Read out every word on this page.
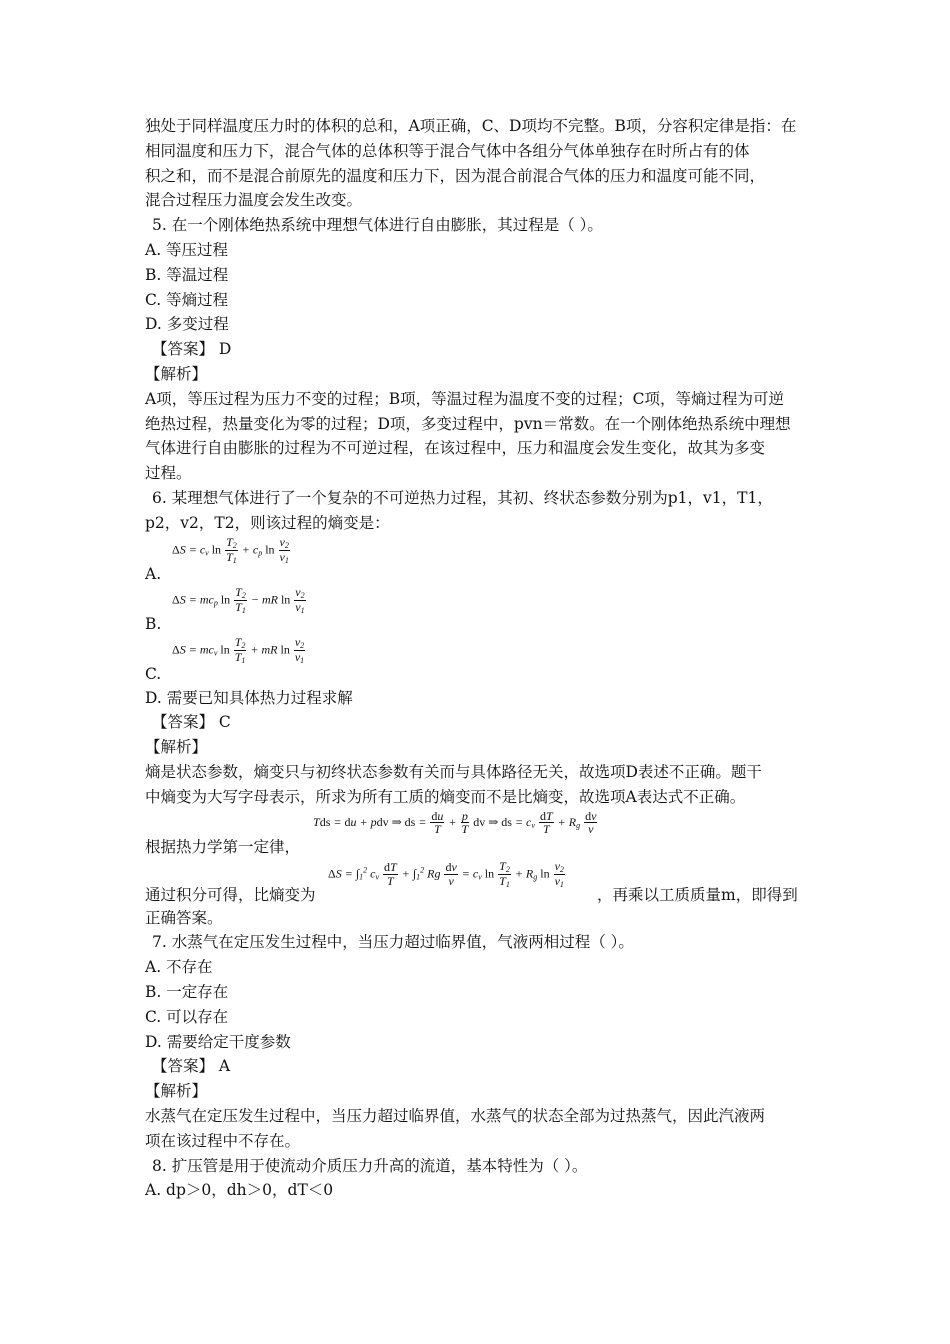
独处于同样温度压力时的体积的总和，A项正确，C、D项均不完整。B项，分容积定律是指：在
相同温度和压力下，混合气体的总体积等于混合气体中各组分气体单独存在时所占有的体
积之和，而不是混合前原先的温度和压力下，因为混合前混合气体的压力和温度可能不同，
混合过程压力温度会发生改变。
5. 在一个刚体绝热系统中理想气体进行自由膨胀，其过程是（ ）。
A. 等压过程
B. 等温过程
C. 等熵过程
D. 多变过程
【答案】 D
【解析】
A项，等压过程为压力不变的过程；B项，等温过程为温度不变的过程；C项，等熵过程为可逆
绝热过程，热量变化为零的过程；D项，多变过程中，pvn＝常数。在一个刚体绝热系统中理想
气体进行自由膨胀的过程为不可逆过程，在该过程中，压力和温度会发生变化，故其为多变
过程。
6. 某理想气体进行了一个复杂的不可逆热力过程，其初、终状态参数分别为p1，v1，T1，
p2，v2，T2，则该过程的熵变是：
A.
$\Delta S = c_v$ $\ln \frac{T_2}{T_1} + c_p$ $\ln \frac{v_2}{v_1}$
B.
$\Delta S = mc_p$ $\ln \frac{T_2}{T_1}$ − mR $\ln \frac{v_2}{v_1}$
C.
$\Delta S = mc_v$ $\ln \frac{T_2}{T_1}$ + mR $\ln \frac{v_2}{v_1}$
D. 需要已知具体热力过程求解
【答案】 C
【解析】
熵是状态参数，熵变只与初终状态参数有关而与具体路径无关，故选项D表述不正确。题干
中熵变为大写字母表示，所求为所有工质的熵变而不是比熵变，故选项A表达式不正确。
根据热力学第一定律，
Tds = du + pdv ⇒ ds = $\frac{du}{T} + \frac{p}{T}$ dv ⇒ ds = $c_v \frac{dT}{T} + R_g \frac{dv}{v}$
通过积分可得，比熵变为
$\Delta S = \int_1^2$ $c_v \frac{dT}{T} + \int_1^2$ Rg $\frac{dv}{v} = c_v$ $\ln \frac{T_2}{T_1} + R_g$ $\ln \frac{v_2}{v_1}$
，再乘以工质质量m，即得到
正确答案。
7. 水蒸气在定压发生过程中，当压力超过临界值，气液两相过程（ ）。
A. 不存在
B. 一定存在
C. 可以存在
D. 需要给定干度参数
【答案】 A
【解析】
水蒸气在定压发生过程中，当压力超过临界值，水蒸气的状态全部为过热蒸气，因此汽液两
项在该过程中不存在。
8. 扩压管是用于使流动介质压力升高的流道，基本特性为（ ）。
A. dp＞0，dh＞0，dT＜0
